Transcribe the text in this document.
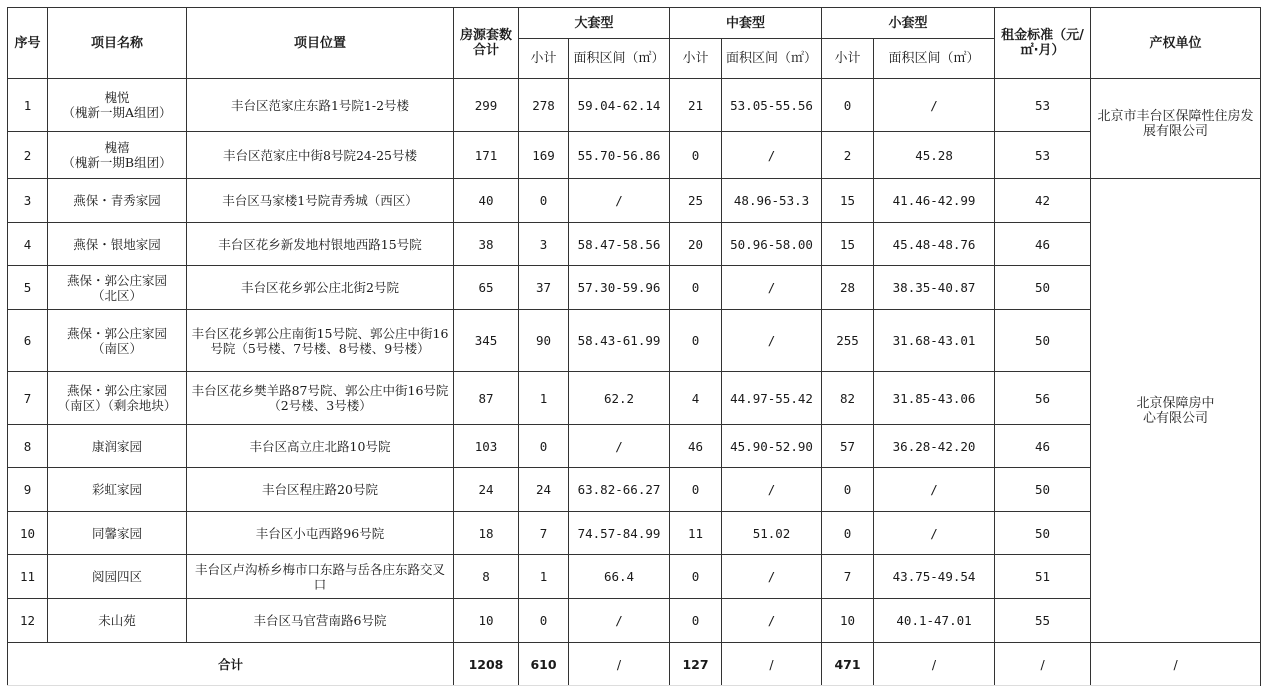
序号	项目名称	项目位置	房源套数合计	大套型		中套型		小套型		租金标准（元/㎡·月）	产权单位
				小计	面积区间（㎡）	小计	面积区间（㎡）	小计	面积区间（㎡）		
1	槐悦
（槐新一期A组团）	丰台区范家庄东路1号院1-2号楼	299	278	59.04-62.14	21	53.05-55.56	0	/	53	北京市丰台区保障性住房发展有限公司
2	槐禧
（槐新一期B组团）	丰台区范家庄中街8号院24-25号楼	171	169	55.70-56.86	0	/	2	45.28	53	
3	燕保・青秀家园	丰台区马家楼1号院青秀城（西区）	40	0	/	25	48.96-53.3	15	41.46-42.99	42	北京保障房中心有限公司
4	燕保・银地家园	丰台区花乡新发地村银地西路15号院	38	3	58.47-58.56	20	50.96-58.00	15	45.48-48.76	46	
5	燕保・郭公庄家园
（北区）	丰台区花乡郭公庄北街2号院	65	37	57.30-59.96	0	/	28	38.35-40.87	50	
6	燕保・郭公庄家园
（南区）	丰台区花乡郭公庄南街15号院、郭公庄中街16号院（5号楼、7号楼、8号楼、9号楼）	345	90	58.43-61.99	0	/	255	31.68-43.01	50	
7	燕保・郭公庄家园
（南区）（剩余地块）	丰台区花乡樊羊路87号院、郭公庄中街16号院（2号楼、3号楼）	87	1	62.2	4	44.97-55.42	82	31.85-43.06	56	
8	康润家园	丰台区高立庄北路10号院	103	0	/	46	45.90-52.90	57	36.28-42.20	46	
9	彩虹家园	丰台区程庄路20号院	24	24	63.82-66.27	0	/	0	/	50	
10	同馨家园	丰台区小屯西路96号院	18	7	74.57-84.99	11	51.02	0	/	50	
11	阅园四区	丰台区卢沟桥乡梅市口东路与岳各庄东路交叉口	8	1	66.4	0	/	7	43.75-49.54	51	
12	未山苑	丰台区马官营南路6号院	10	0	/	0	/	10	40.1-47.01	55	
合计			1208	610	/	127	/	471	/	/	/
